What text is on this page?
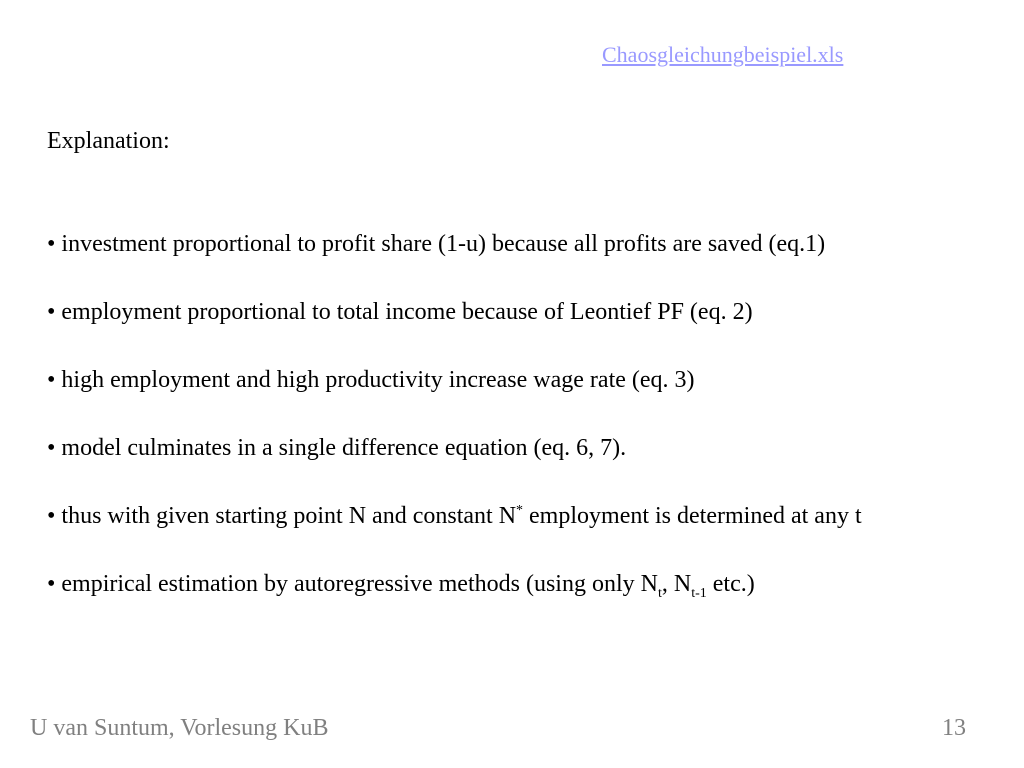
Chaosgleichungbeispiel.xls
Explanation:
• investment proportional to profit share (1-u) because all profits are saved (eq.1)
• employment proportional to total income because of Leontief PF (eq. 2)
• high employment and high productivity increase wage rate (eq. 3)
• model culminates in a single difference equation (eq. 6, 7).
• thus with given starting point N and constant N* employment is determined at any t
• empirical estimation by autoregressive methods (using only $N_t$, $N_{t-1}$ etc.)
U van Suntum, Vorlesung KuB	13
